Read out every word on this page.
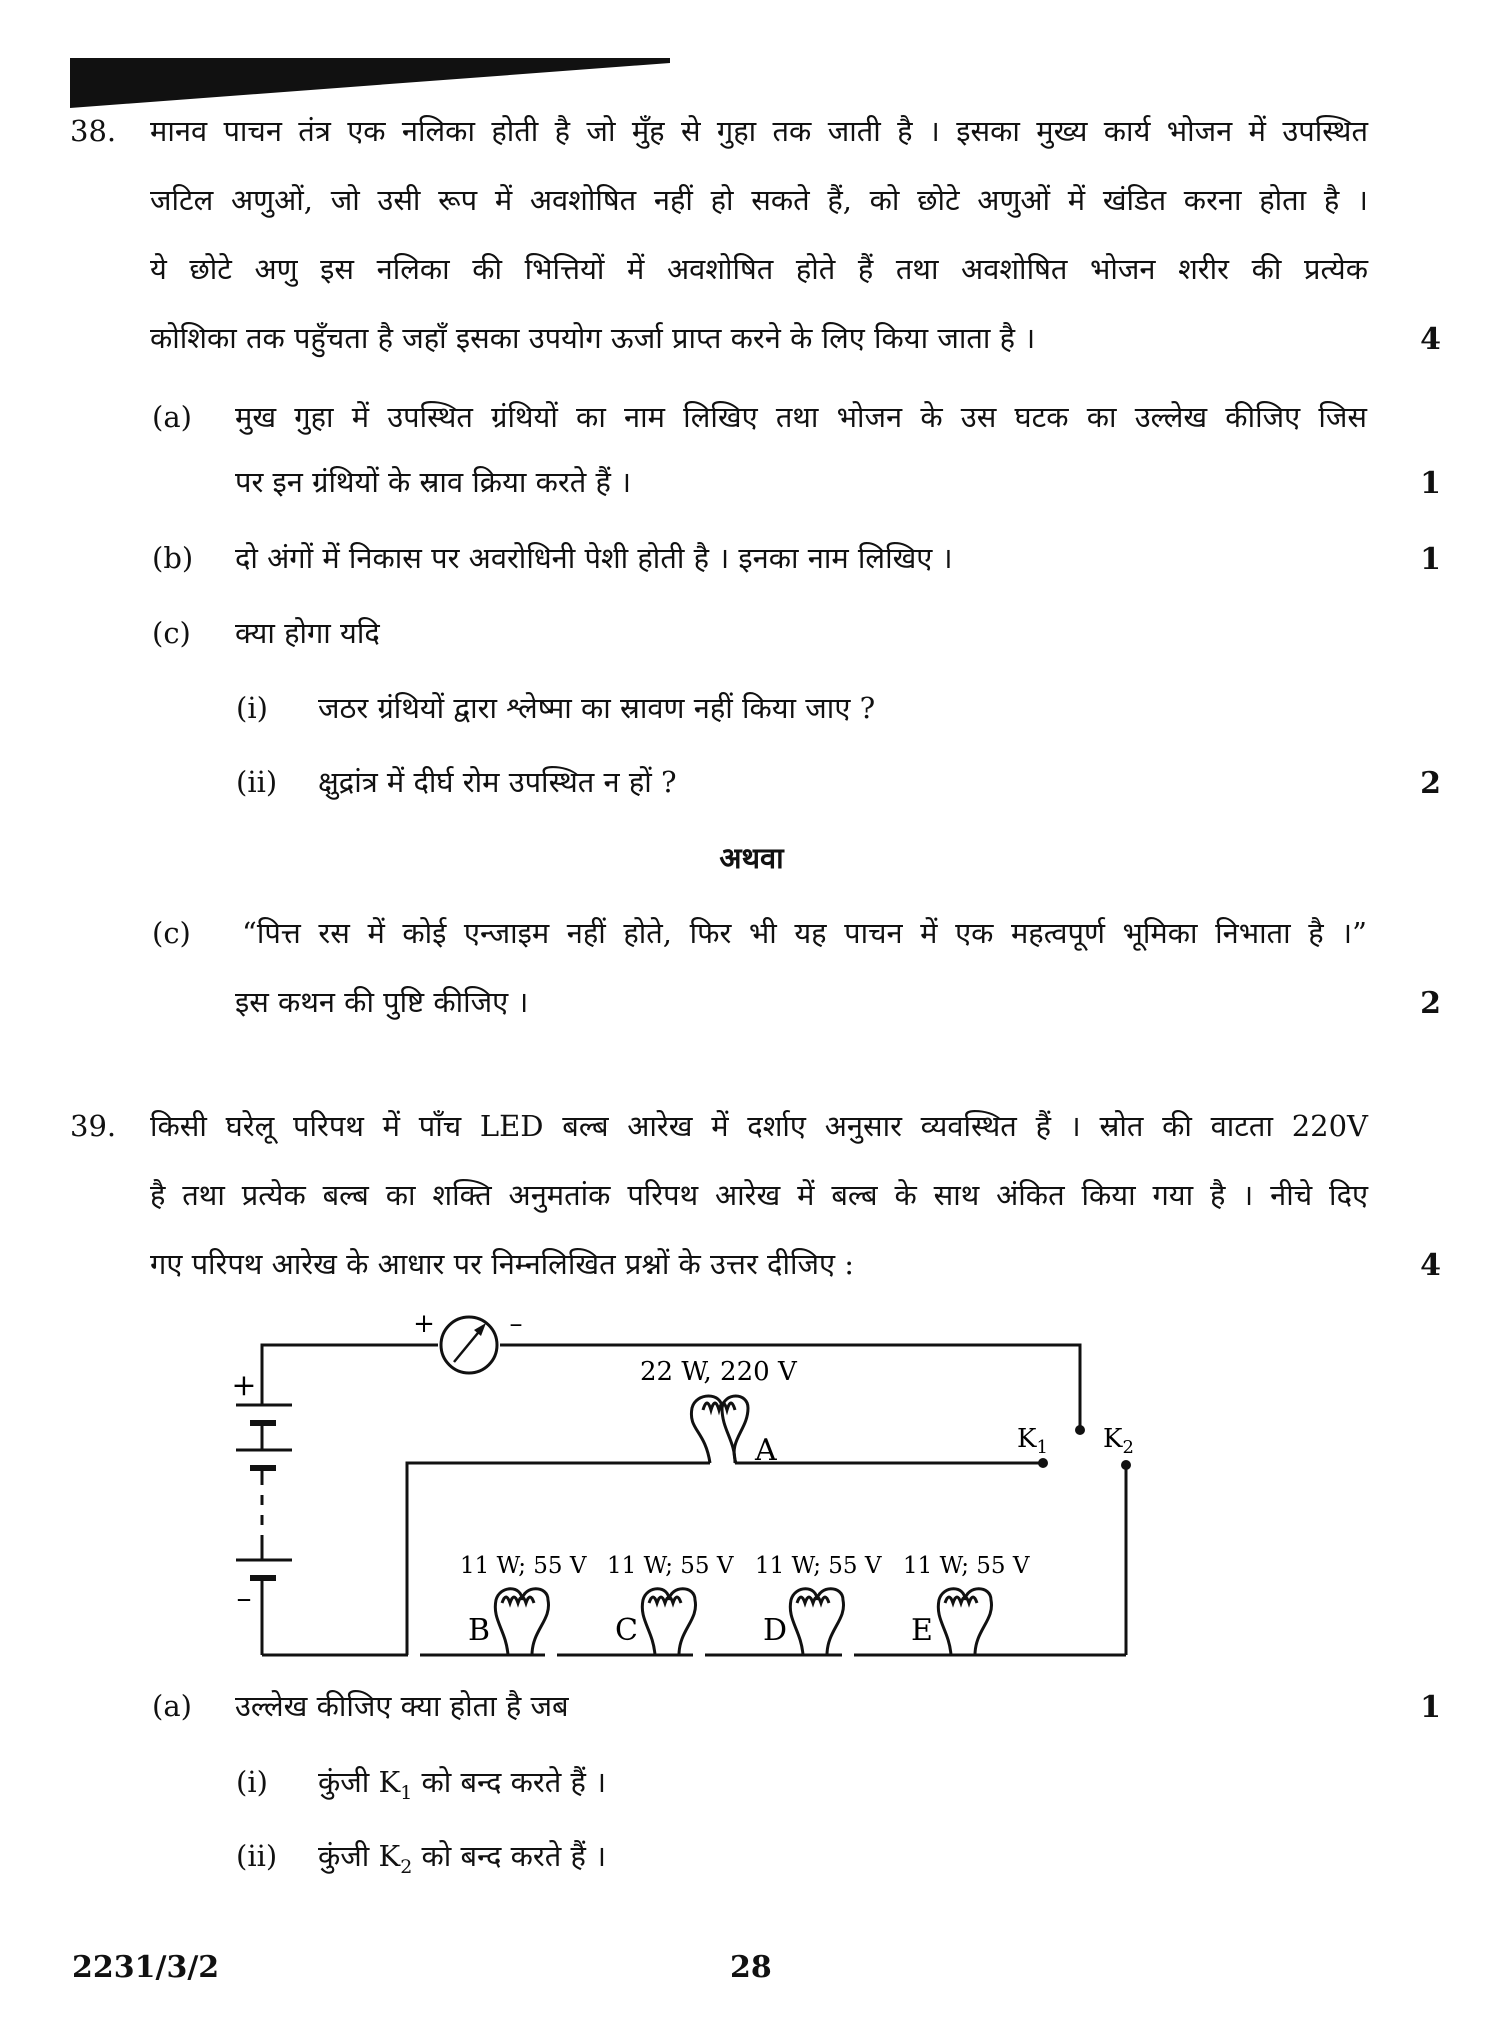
38. मानव पाचन तंत्र एक नलिका होती है जो मुँह से गुहा तक जाती है । इसका मुख्य कार्य भोजन में उपस्थित
जटिल अणुओं, जो उसी रूप में अवशोषित नहीं हो सकते हैं, को छोटे अणुओं में खंडित करना होता है ।
ये छोटे अणु इस नलिका की भित्तियों में अवशोषित होते हैं तथा अवशोषित भोजन शरीर की प्रत्येक
कोशिका तक पहुँचता है जहाँ इसका उपयोग ऊर्जा प्राप्त करने के लिए किया जाता है ।	4
(a) मुख गुहा में उपस्थित ग्रंथियों का नाम लिखिए तथा भोजन के उस घटक का उल्लेख कीजिए जिस
पर इन ग्रंथियों के स्राव क्रिया करते हैं ।	1
(b) दो अंगों में निकास पर अवरोधिनी पेशी होती है । इनका नाम लिखिए ।	1
(c) क्या होगा यदि
(i) जठर ग्रंथियों द्वारा श्लेष्मा का स्रावण नहीं किया जाए ?
(ii) क्षुद्रांत्र में दीर्घ रोम उपस्थित न हों ?	2
अथवा
(c) “पित्त रस में कोई एन्जाइम नहीं होते, फिर भी यह पाचन में एक महत्वपूर्ण भूमिका निभाता है ।”
इस कथन की पुष्टि कीजिए ।	2
39. किसी घरेलू परिपथ में पाँच LED बल्ब आरेख में दर्शाए अनुसार व्यवस्थित हैं । स्रोत की वाटता 220V
है तथा प्रत्येक बल्ब का शक्ति अनुमतांक परिपथ आरेख में बल्ब के साथ अंकित किया गया है । नीचे दिए
गए परिपथ आरेख के आधार पर निम्नलिखित प्रश्नों के उत्तर दीजिए :	4
+
–
+	–
22 W, 220 V
A	$K_1$ $K_2$
11 W; 55 V
B
11 W; 55 V
C
11 W; 55 V
D
11 W; 55 V
E
(a) उल्लेख कीजिए क्या होता है जब	1
(i) कुंजी $K_1$ को बन्द करते हैं ।
(ii) कुंजी $K_2$ को बन्द करते हैं ।
2231/3/2	28
